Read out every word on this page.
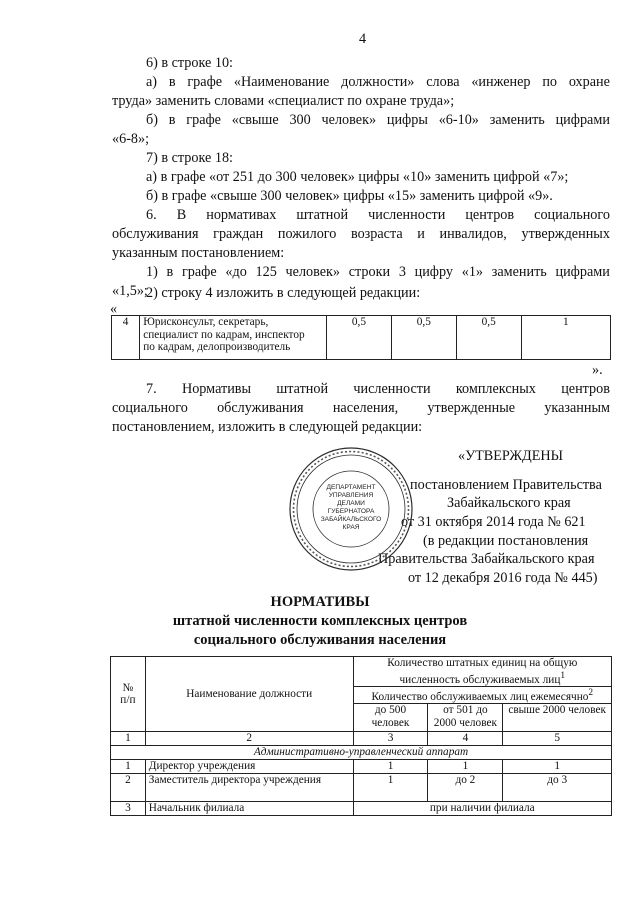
4
6) в строке 10:
а) в графе «Наименование должности» слова «инженер по охране
труда» заменить словами «специалист по охране труда»;
б) в графе «свыше 300 человек» цифры «6-10» заменить цифрами
«6-8»;
7) в строке 18:
а) в графе «от 251 до 300 человек» цифры «10» заменить цифрой «7»;
б) в графе «свыше 300 человек» цифры «15» заменить цифрой «9».
6. В нормативах штатной численности центров социального
обслуживания граждан пожилого возраста и инвалидов, утвержденных
указанным постановлением:
1) в графе «до 125 человек» строки 3 цифру «1» заменить цифрами
«1,5»;
2) строку 4 изложить в следующей редакции:
«
4	Юрисконсульт, секретарь,
специалист по кадрам, инспектор
по кадрам, делопроизводитель
	0,5	0,5	0,5	1
».
7. Нормативы штатной численности комплексных центров
социального обслуживания населения, утвержденные указанным
постановлением, изложить в следующей редакции:
«УТВЕРЖДЕНЫ
постановлением Правительства
Забайкальского края
от 31 октября 2014 года № 621
(в редакции постановления
Правительства Забайкальского края
от 12 декабря 2016 года № 445)
ДЕПАРТАМЕНТ
УПРАВЛЕНИЯ
ДЕЛАМИ
ГУБЕРНАТОРА
ЗАБАЙКАЛЬСКОГО
КРАЯ
НОРМАТИВЫ
штатной численности комплексных центров
социального обслуживания населения
№
п/п	Наименование должности	Количество штатных единиц на общую численность обслуживаемых лиц$^1$
		Количество обслуживаемых лиц ежемесячно$^2$
		до 500 человек	от 501 до 2000 человек	свыше 2000 человек
1	2	3	4	5
Административно-управленческий аппарат				
1	Директор учреждения	1	1	1
2	Заместитель директора учреждения	1	до 2	до 3
3	Начальник филиала	при наличии филиала		
